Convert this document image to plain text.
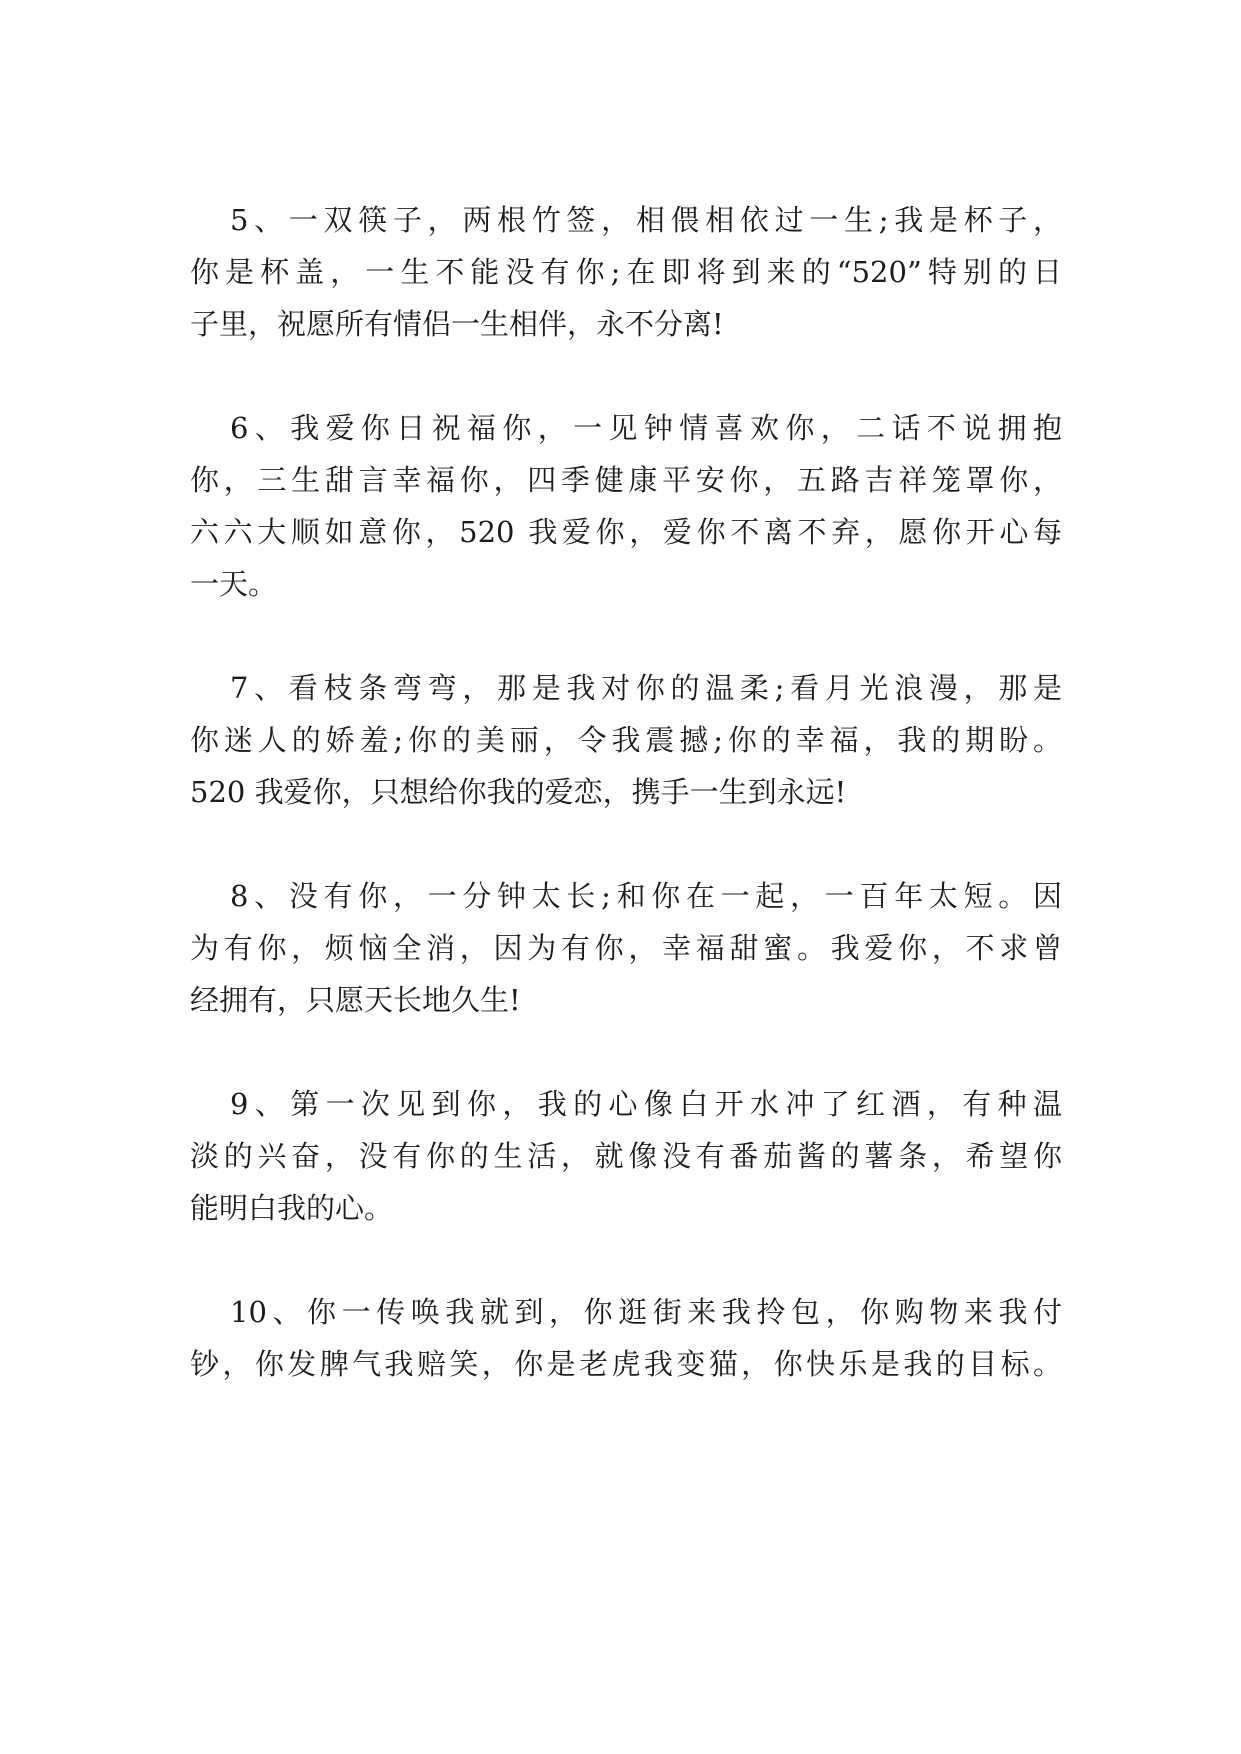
5、一双筷子，两根竹签，相偎相依过一生;我是杯子，
你是杯盖，一生不能没有你;在即将到来的“520”特别的日
子里，祝愿所有情侣一生相伴，永不分离!
6、我爱你日祝福你，一见钟情喜欢你，二话不说拥抱
你，三生甜言幸福你，四季健康平安你，五路吉祥笼罩你，
六六大顺如意你，520 我爱你，爱你不离不弃，愿你开心每
一天。
7、看枝条弯弯，那是我对你的温柔;看月光浪漫，那是
你迷人的娇羞;你的美丽，令我震撼;你的幸福，我的期盼。
520 我爱你，只想给你我的爱恋，携手一生到永远!
8、没有你，一分钟太长;和你在一起，一百年太短。因
为有你，烦恼全消，因为有你，幸福甜蜜。我爱你，不求曾
经拥有，只愿天长地久生!
9、第一次见到你，我的心像白开水冲了红酒，有种温
淡的兴奋，没有你的生活，就像没有番茄酱的薯条，希望你
能明白我的心。
10、你一传唤我就到，你逛街来我拎包，你购物来我付
钞，你发脾气我赔笑，你是老虎我变猫，你快乐是我的目标。
